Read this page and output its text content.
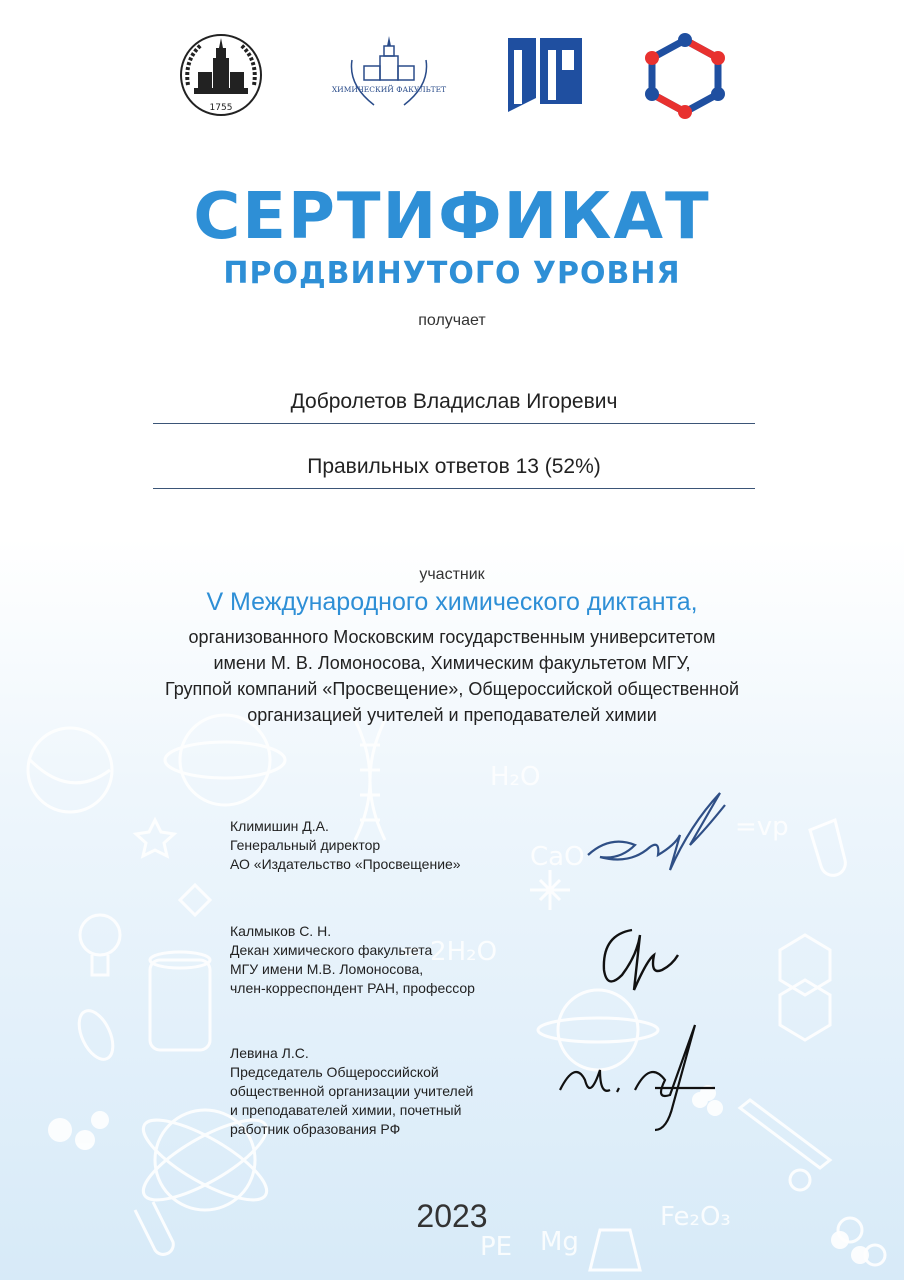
H₂O
CaO
= 2H₂O
Fe₂O₃
Mg
PE
=vp
1755
ХИМИЧЕСКИЙ ФАКУЛЬТЕТ
СЕРТИФИКАТ
ПРОДВИНУТОГО УРОВНЯ
получает
Добролетов Владислав Игоревич
Правильных ответов 13 (52%)
участник
V Международного химического диктанта,
организованного Московским государственным университетом
имени М. В. Ломоносова, Химическим факультетом МГУ,
Группой компаний «Просвещение», Общероссийской общественной
организацией учителей и преподавателей химии
Климишин Д.А.
Генеральный директор
АО «Издательство «Просвещение»
Калмыков С. Н.
Декан химического факультета
МГУ имени М.В. Ломоносова,
член-корреспондент РАН, профессор
Левина Л.С.
Председатель Общероссийской
общественной организации учителей
и преподавателей химии, почетный
работник образования РФ
2023
